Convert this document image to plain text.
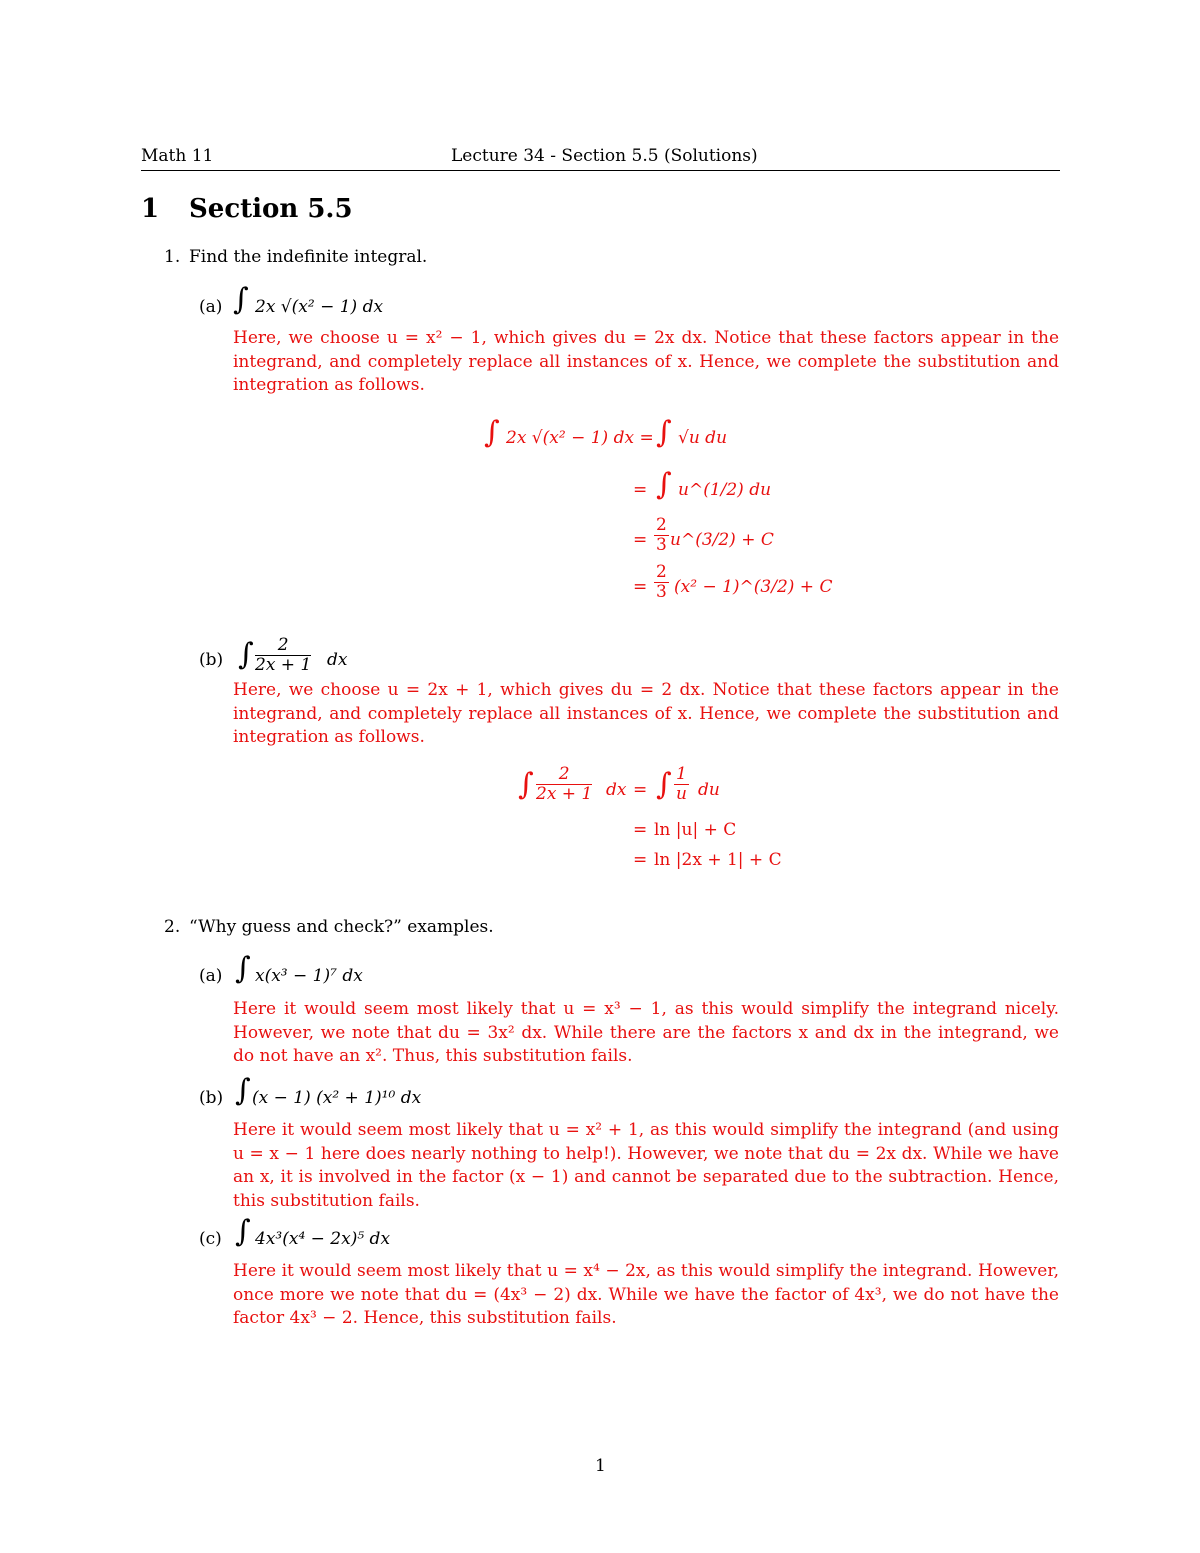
Math 11	Lecture 34 - Section 5.5 (Solutions)
1 Section 5.5
1. Find the indefinite integral.
(a) ∫ 2x √(x² − 1) dx
Here, we choose u = x² − 1, which gives du = 2x dx. Notice that these factors appear in the integrand, and completely replace all instances of x. Hence, we complete the substitution and integration as follows.
∫ 2x √(x² − 1) dx = ∫ √u du
= ∫ u^(1/2) du
= $\frac{2}{3}$ u^(3/2) + C
= $\frac{2}{3} (x^2$ − 1)^(3/2) + C
(b) ∫ $\frac{2}{2x + 1}$ dx
Here, we choose u = 2x + 1, which gives du = 2 dx. Notice that these factors appear in the integrand, and completely replace all instances of x. Hence, we complete the substitution and integration as follows.
∫ $\frac{2}{2x + 1}$ dx = ∫ $\frac{1}{u}$ du
= ln |u| + C
= ln |2x + 1| + C
2. “Why guess and check?” examples.
(a) ∫ x(x³ − 1)⁷ dx
Here it would seem most likely that u = x³ − 1, as this would simplify the integrand nicely. However, we note that du = 3x² dx. While there are the factors x and dx in the integrand, we do not have an x². Thus, this substitution fails.
(b) ∫ (x − 1) (x² + 1)¹⁰ dx
Here it would seem most likely that u = x² + 1, as this would simplify the integrand (and using u = x − 1 here does nearly nothing to help!). However, we note that du = 2x dx. While we have an x, it is involved in the factor (x − 1) and cannot be separated due to the subtraction. Hence, this substitution fails.
(c) ∫ 4x³(x⁴ − 2x)⁵ dx
Here it would seem most likely that u = x⁴ − 2x, as this would simplify the integrand. However, once more we note that du = (4x³ − 2) dx. While we have the factor of 4x³, we do not have the factor 4x³ − 2. Hence, this substitution fails.
1
